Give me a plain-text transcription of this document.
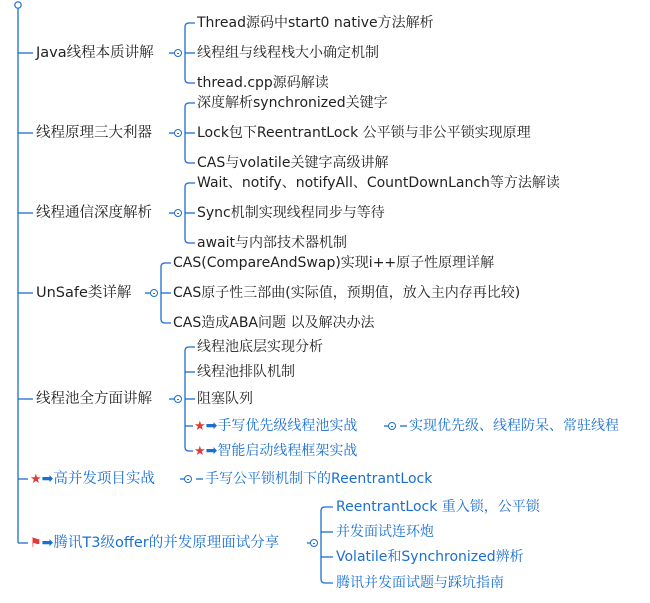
Java线程本质讲解
Thread源码中start0 native方法解析
线程组与线程栈大小确定机制
thread.cpp源码解读
线程原理三大利器
深度解析synchronized关键字
Lock包下ReentrantLock 公平锁与非公平锁实现原理
CAS与volatile关键字高级讲解
线程通信深度解析
Wait、notify、notifyAll、CountDownLanch等方法解读
Sync机制实现线程同步与等待
await与内部技术器机制
UnSafe类详解
CAS(CompareAndSwap)实现i++原子性原理详解
CAS原子性三部曲(实际值，预期值，放入主内存再比较)
CAS造成ABA问题 以及解决办法
线程池全方面讲解
线程池底层实现分析
线程池排队机制
阻塞队列
★➡手写优先级线程池实战	实现优先级、线程防呆、常驻线程
★➡智能启动线程框架实战
★➡高并发项目实战	手写公平锁机制下的ReentrantLock
⚑➡腾讯T3级offer的并发原理面试分享
ReentrantLock 重入锁，公平锁
并发面试连环炮
Volatile和Synchronized辨析
腾讯并发面试题与踩坑指南
